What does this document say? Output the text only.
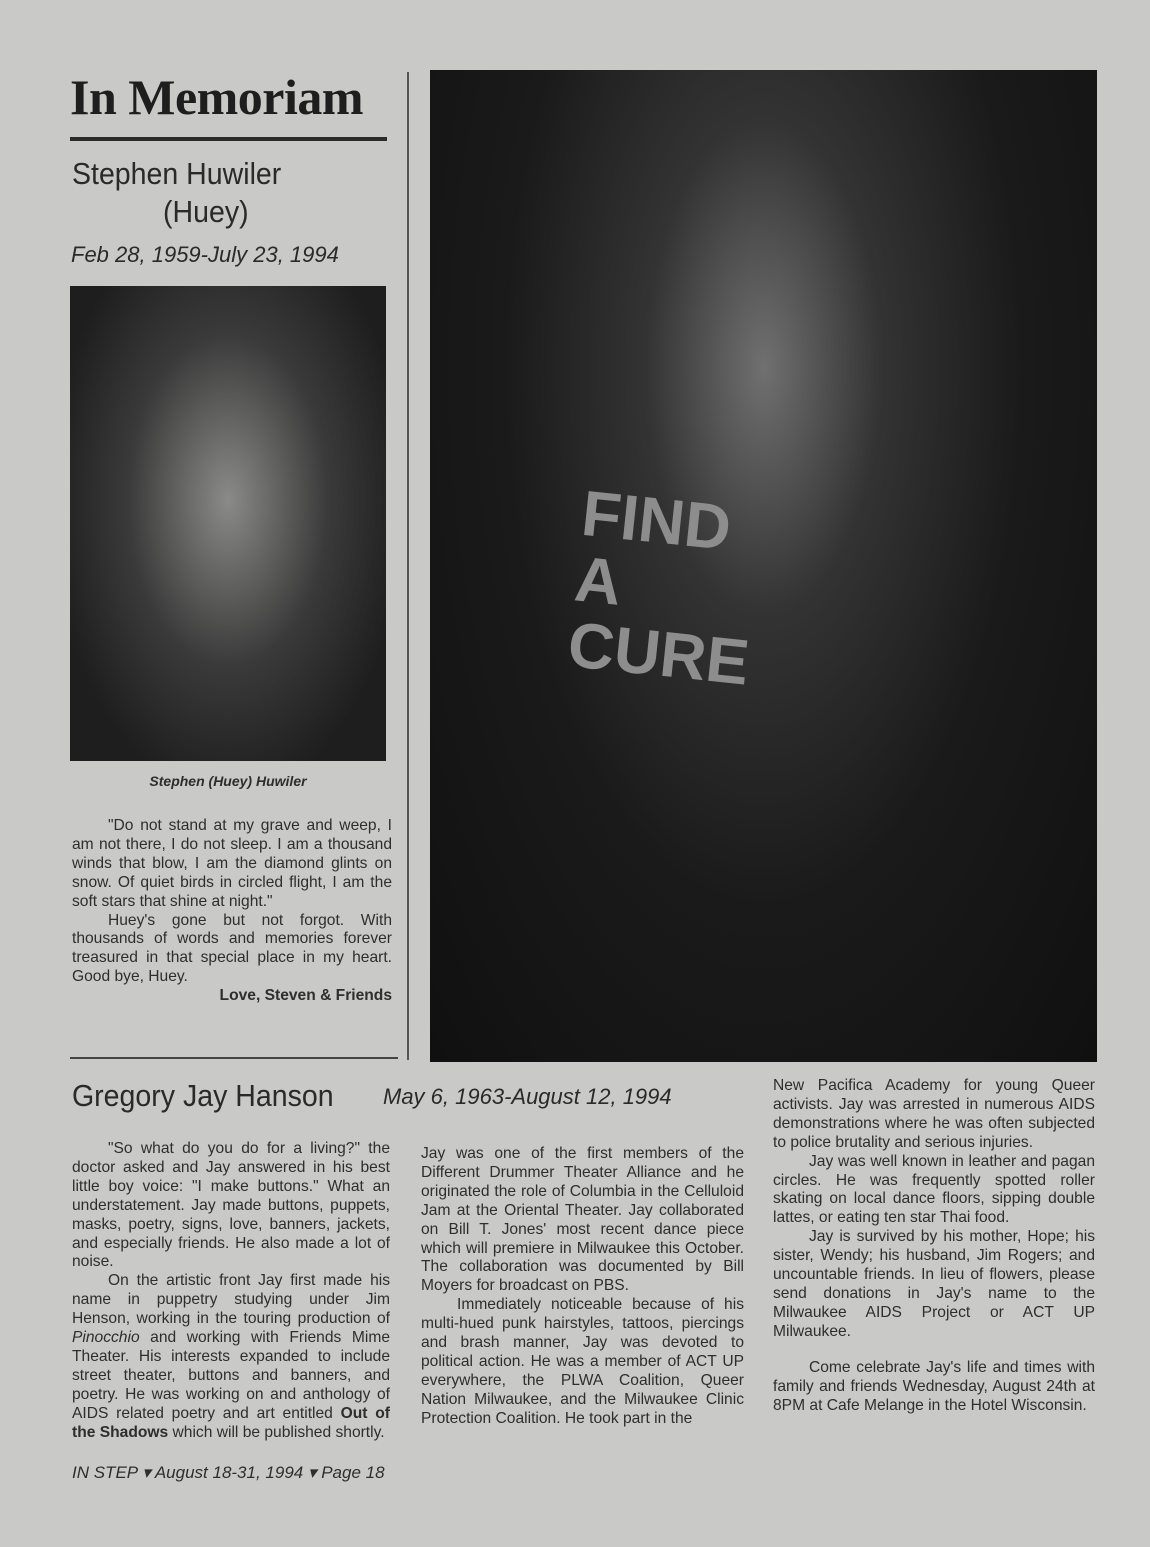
In Memoriam
Stephen Huwiler
(Huey)
Feb 28, 1959-July 23, 1994
Stephen (Huey) Huwiler

"Do not stand at my grave and weep, I am not there, I do not sleep. I am a thousand winds that blow, I am the diamond glints on snow. Of quiet birds in circled flight, I am the soft stars that shine at night."

Huey's gone but not forgot. With thousands of words and memories forever treasured in that special place in my heart. Good bye, Huey.

Love, Steven & Friends

FIND A CURE
Gregory Jay Hanson May 6, 1963-August 12, 1994

"So what do you do for a living?" the doctor asked and Jay answered in his best little boy voice: "I make buttons." What an understatement. Jay made buttons, puppets, masks, poetry, signs, love, banners, jackets, and especially friends. He also made a lot of noise.

On the artistic front Jay first made his name in puppetry studying under Jim Henson, working in the touring production of Pinocchio and working with Friends Mime Theater. His interests expanded to include street theater, buttons and banners, and poetry. He was working on and anthology of AIDS related poetry and art entitled Out of the Shadows which will be published shortly.

Jay was one of the first members of the Different Drummer Theater Alliance and he originated the role of Columbia in the Celluloid Jam at the Oriental Theater. Jay collaborated on Bill T. Jones' most recent dance piece which will premiere in Milwaukee this October. The collaboration was documented by Bill Moyers for broadcast on PBS.

Immediately noticeable because of his multi-hued punk hairstyles, tattoos, piercings and brash manner, Jay was devoted to political action. He was a member of ACT UP everywhere, the PLWA Coalition, Queer Nation Milwaukee, and the Milwaukee Clinic Protection Coalition. He took part in the

New Pacifica Academy for young Queer activists. Jay was arrested in numerous AIDS demonstrations where he was often subjected to police brutality and serious injuries.

Jay was well known in leather and pagan circles. He was frequently spotted roller skating on local dance floors, sipping double lattes, or eating ten star Thai food.

Jay is survived by his mother, Hope; his sister, Wendy; his husband, Jim Rogers; and uncountable friends. In lieu of flowers, please send donations in Jay's name to the Milwaukee AIDS Project or ACT UP Milwaukee.

Come celebrate Jay's life and times with family and friends Wednesday, August 24th at 8PM at Cafe Melange in the Hotel Wisconsin.

IN STEP ▾ August 18-31, 1994 ▾ Page 18
